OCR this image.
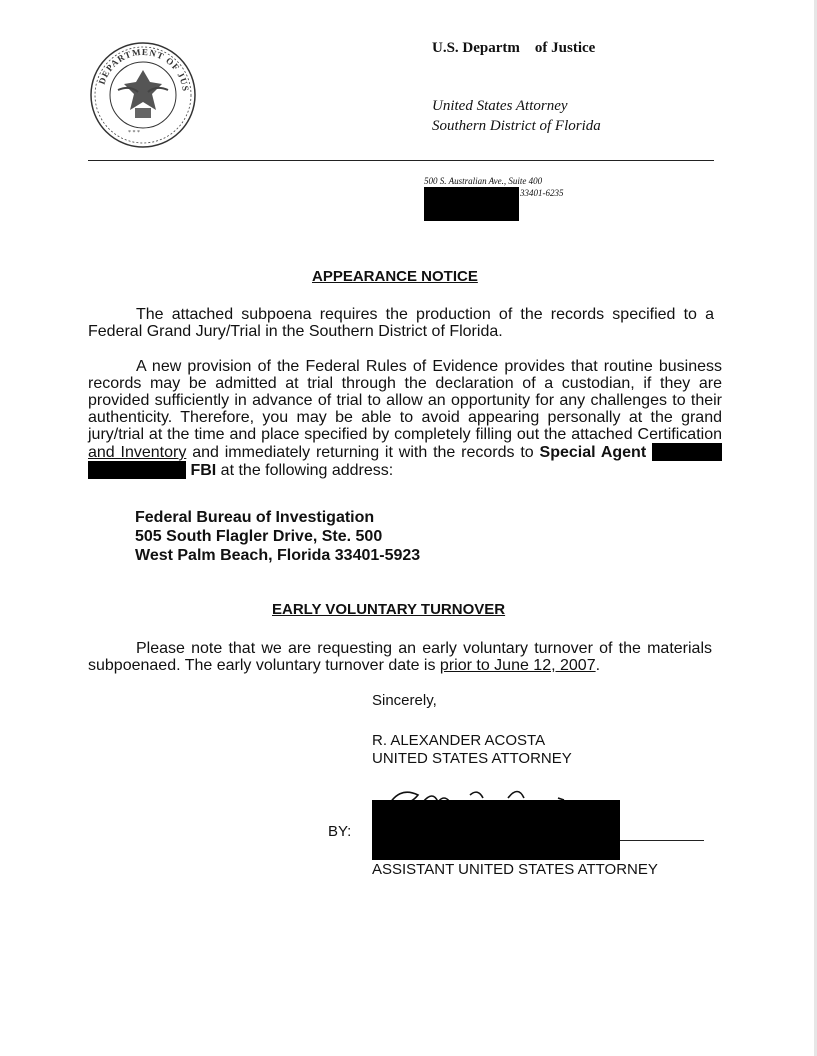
DEPARTMENT OF JUS
* * *
U.S. Departm    of Justice
United States Attorney
Southern District of Florida
500 S. Australian Ave., Suite 400
33401-6235
APPEARANCE NOTICE
The attached subpoena requires the production of the records specified to a Federal Grand Jury/Trial in the Southern District of Florida.
A new provision of the Federal Rules of Evidence provides that routine business records may be admitted at trial through the declaration of a custodian, if they are provided sufficiently in advance of trial to allow an opportunity for any challenges to their authenticity. Therefore, you may be able to avoid appearing personally at the grand jury/trial at the time and place specified by completely filling out the attached Certification and Inventory and immediately returning it with the records to Special Agent   FBI at the following address:
Federal Bureau of Investigation
505 South Flagler Drive, Ste. 500
West Palm Beach, Florida 33401-5923
EARLY VOLUNTARY TURNOVER
Please note that we are requesting an early voluntary turnover of the materials subpoenaed. The early voluntary turnover date is prior to June 12, 2007.
Sincerely,
R. ALEXANDER ACOSTA
UNITED STATES ATTORNEY
BY:
ASSISTANT UNITED STATES ATTORNEY
